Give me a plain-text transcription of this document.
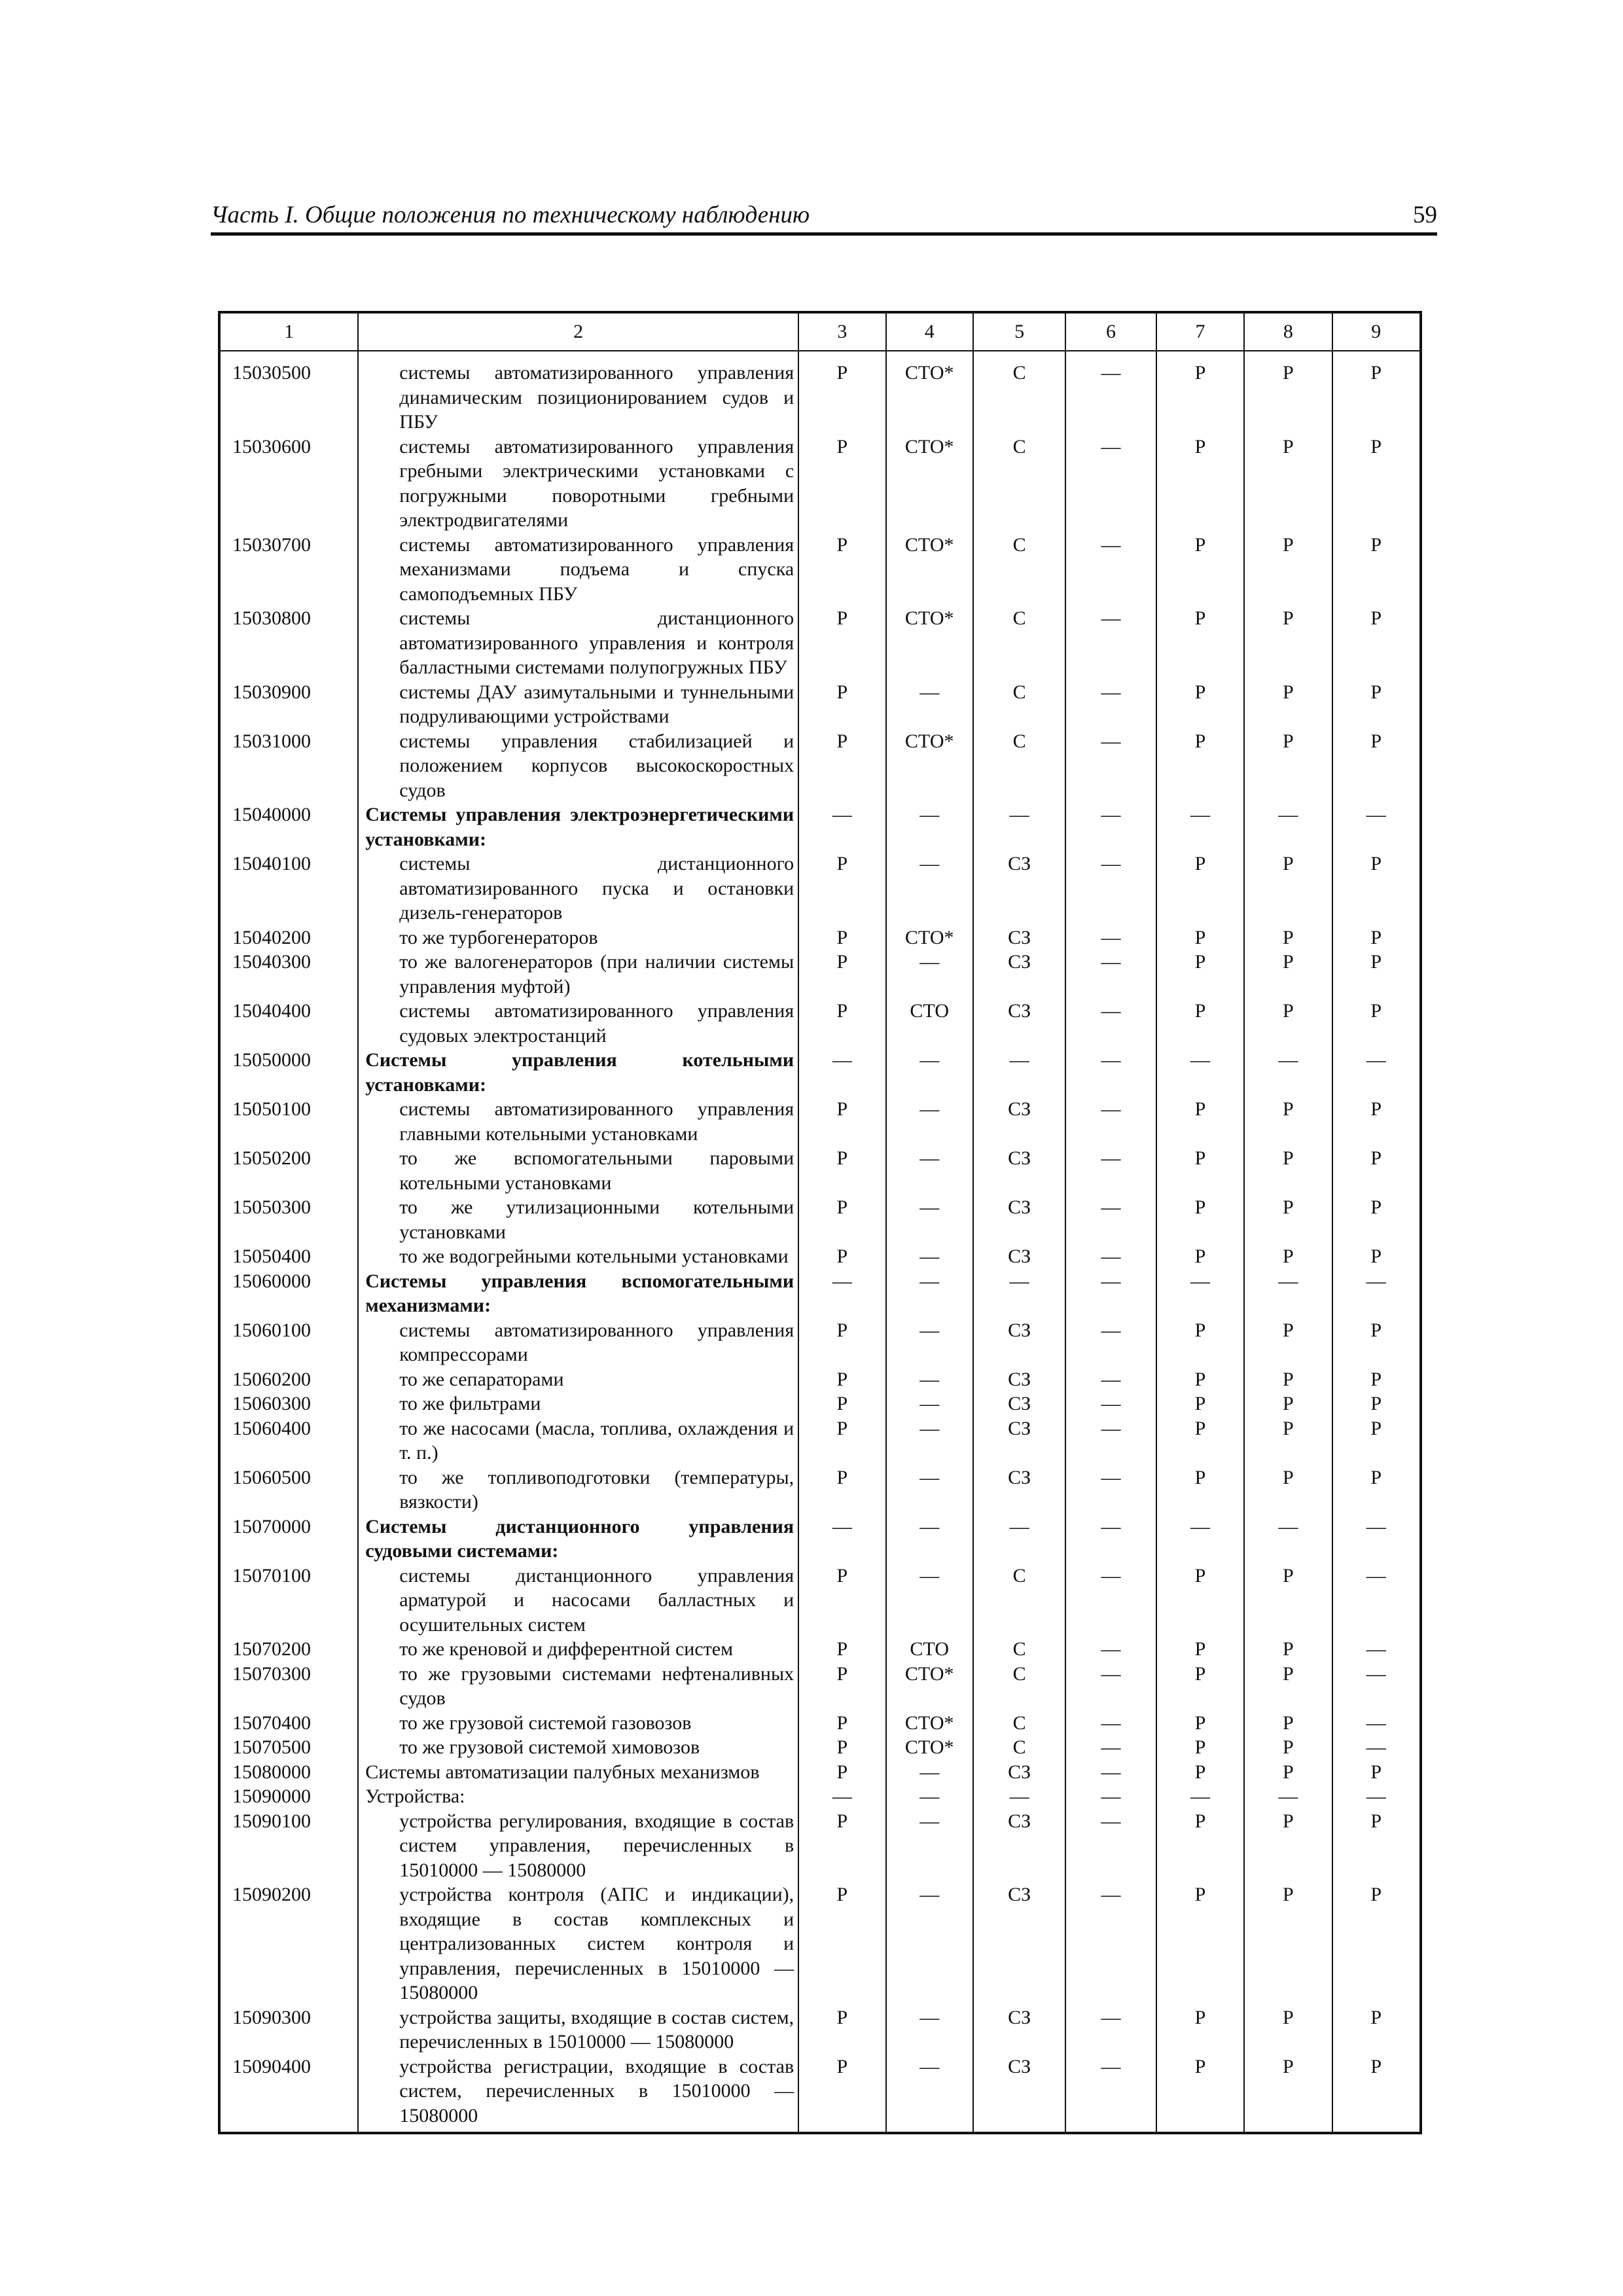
Часть I. Общие положения по техническому наблюдению	59
1	2	3	4	5	6	7	8	9
15030500	системы автоматизированного управления динамическим позиционированием судов и ПБУ	Р	СТО*	С	—	Р	Р	Р
15030600	системы автоматизированного управления гребными электрическими установками с погружными поворотными гребными электродвигателями	Р	СТО*	С	—	Р	Р	Р
15030700	системы автоматизированного управления механизмами подъема и спуска самоподъемных ПБУ	Р	СТО*	С	—	Р	Р	Р
15030800	системы дистанционного автоматизированного управления и контроля балластными системами полупогружных ПБУ	Р	СТО*	С	—	Р	Р	Р
15030900	системы ДАУ азимутальными и туннельными подруливающими устройствами	Р	—	С	—	Р	Р	Р
15031000	системы управления стабилизацией и положением корпусов высокоскоростных судов	Р	СТО*	С	—	Р	Р	Р
15040000	Системы управления электроэнергетическими установками:	—	—	—	—	—	—	—
15040100	системы дистанционного автоматизированного пуска и остановки дизель-генераторов	Р	—	СЗ	—	Р	Р	Р
15040200	то же турбогенераторов	Р	СТО*	СЗ	—	Р	Р	Р
15040300	то же валогенераторов (при наличии системы управления муфтой)	Р	—	СЗ	—	Р	Р	Р
15040400	системы автоматизированного управления судовых электростанций	Р	СТО	СЗ	—	Р	Р	Р
15050000	Системы управления котельными установками:	—	—	—	—	—	—	—
15050100	системы автоматизированного управления главными котельными установками	Р	—	СЗ	—	Р	Р	Р
15050200	то же вспомогательными паровыми котельными установками	Р	—	СЗ	—	Р	Р	Р
15050300	то же утилизационными котельными установками	Р	—	СЗ	—	Р	Р	Р
15050400	то же водогрейными котельными установками	Р	—	СЗ	—	Р	Р	Р
15060000	Системы управления вспомогательными механизмами:	—	—	—	—	—	—	—
15060100	системы автоматизированного управления компрессорами	Р	—	СЗ	—	Р	Р	Р
15060200	то же сепараторами	Р	—	СЗ	—	Р	Р	Р
15060300	то же фильтрами	Р	—	СЗ	—	Р	Р	Р
15060400	то же насосами (масла, топлива, охлаждения и т. п.)	Р	—	СЗ	—	Р	Р	Р
15060500	то же топливоподготовки (температуры, вязкости)	Р	—	СЗ	—	Р	Р	Р
15070000	Системы дистанционного управления судовыми системами:	—	—	—	—	—	—	—
15070100	системы дистанционного управления арматурой и насосами балластных и осушительных систем	Р	—	С	—	Р	Р	—
15070200	то же креновой и дифферентной систем	Р	СТО	С	—	Р	Р	—
15070300	то же грузовыми системами нефтеналивных судов	Р	СТО*	С	—	Р	Р	—
15070400	то же грузовой системой газовозов	Р	СТО*	С	—	Р	Р	—
15070500	то же грузовой системой химовозов	Р	СТО*	С	—	Р	Р	—
15080000	Системы автоматизации палубных механизмов	Р	—	СЗ	—	Р	Р	Р
15090000	Устройства:	—	—	—	—	—	—	—
15090100	устройства регулирования, входящие в состав систем управления, перечисленных в 15010000 — 15080000	Р	—	СЗ	—	Р	Р	Р
15090200	устройства контроля (АПС и индикации), входящие в состав комплексных и централизованных систем контроля и управления, перечисленных в 15010000 — 15080000	Р	—	СЗ	—	Р	Р	Р
15090300	устройства защиты, входящие в состав систем, перечисленных в 15010000 — 15080000	Р	—	СЗ	—	Р	Р	Р
15090400	устройства регистрации, входящие в состав систем, перечисленных в 15010000 — 15080000	Р	—	СЗ	—	Р	Р	Р
